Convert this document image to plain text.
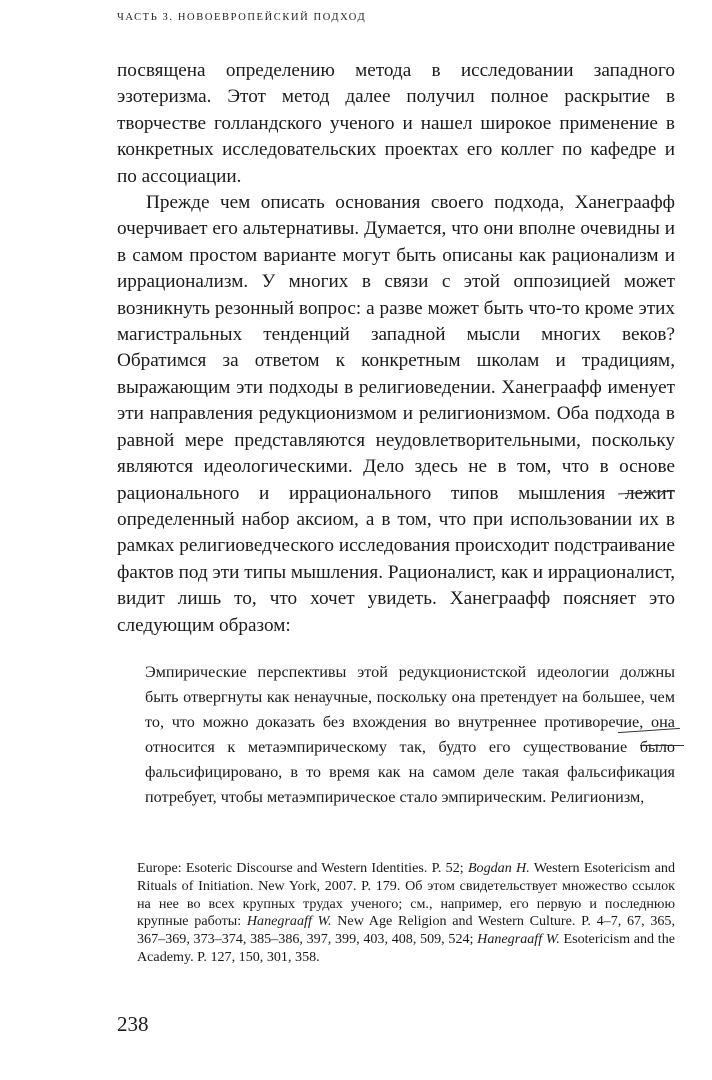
ЧАСТЬ 3. НОВОЕВРОПЕЙСКИЙ ПОДХОД

посвящена определению метода в исследовании западного эзотеризма. Этот метод далее получил полное раскрытие в творчестве голландского ученого и нашел широкое применение в конкретных исследовательских проектах его коллег по кафедре и по ассоциации.

Прежде чем описать основания своего подхода, Ханеграафф очерчивает его альтернативы. Думается, что они вполне очевидны и в самом простом варианте могут быть описаны как рационализм и иррационализм. У многих в связи с этой оппозицией может возникнуть резонный вопрос: а разве может быть что-то кроме этих магистральных тенденций западной мысли многих веков? Обратимся за ответом к конкретным школам и традициям, выражающим эти подходы в религиоведении. Ханеграафф именует эти направления редукционизмом и религионизмом. Оба подхода в равной мере представляются неудовлетворительными, поскольку являются идеологическими. Дело здесь не в том, что в основе рационального и иррационального типов мышления лежит определенный набор аксиом, а в том, что при использовании их в рамках религиоведческого исследования происходит подстраивание фактов под эти типы мышления. Рационалист, как и иррационалист, видит лишь то, что хочет увидеть. Ханеграафф поясняет это следующим образом:

Эмпирические перспективы этой редукционистской идеологии должны быть отвергнуты как ненаучные, поскольку она претендует на большее, чем то, что можно доказать без вхождения во внутреннее противоречие, она относится к метаэмпирическому так, будто его существование было фальсифицировано, в то время как на самом деле такая фальсификация потребует, чтобы метаэмпирическое стало эмпирическим. Религионизм,

Europe: Esoteric Discourse and Western Identities. P. 52; Bogdan H. Western Esotericism and Rituals of Initiation. New York, 2007. P. 179. Об этом свидетельствует множество ссылок на нее во всех крупных трудах ученого; см., например, его первую и последнюю крупные работы: Hanegraaff W. New Age Religion and Western Culture. P. 4–7, 67, 365, 367–369, 373–374, 385–386, 397, 399, 403, 408, 509, 524; Hanegraaff W. Esotericism and the Academy. P. 127, 150, 301, 358.

238
